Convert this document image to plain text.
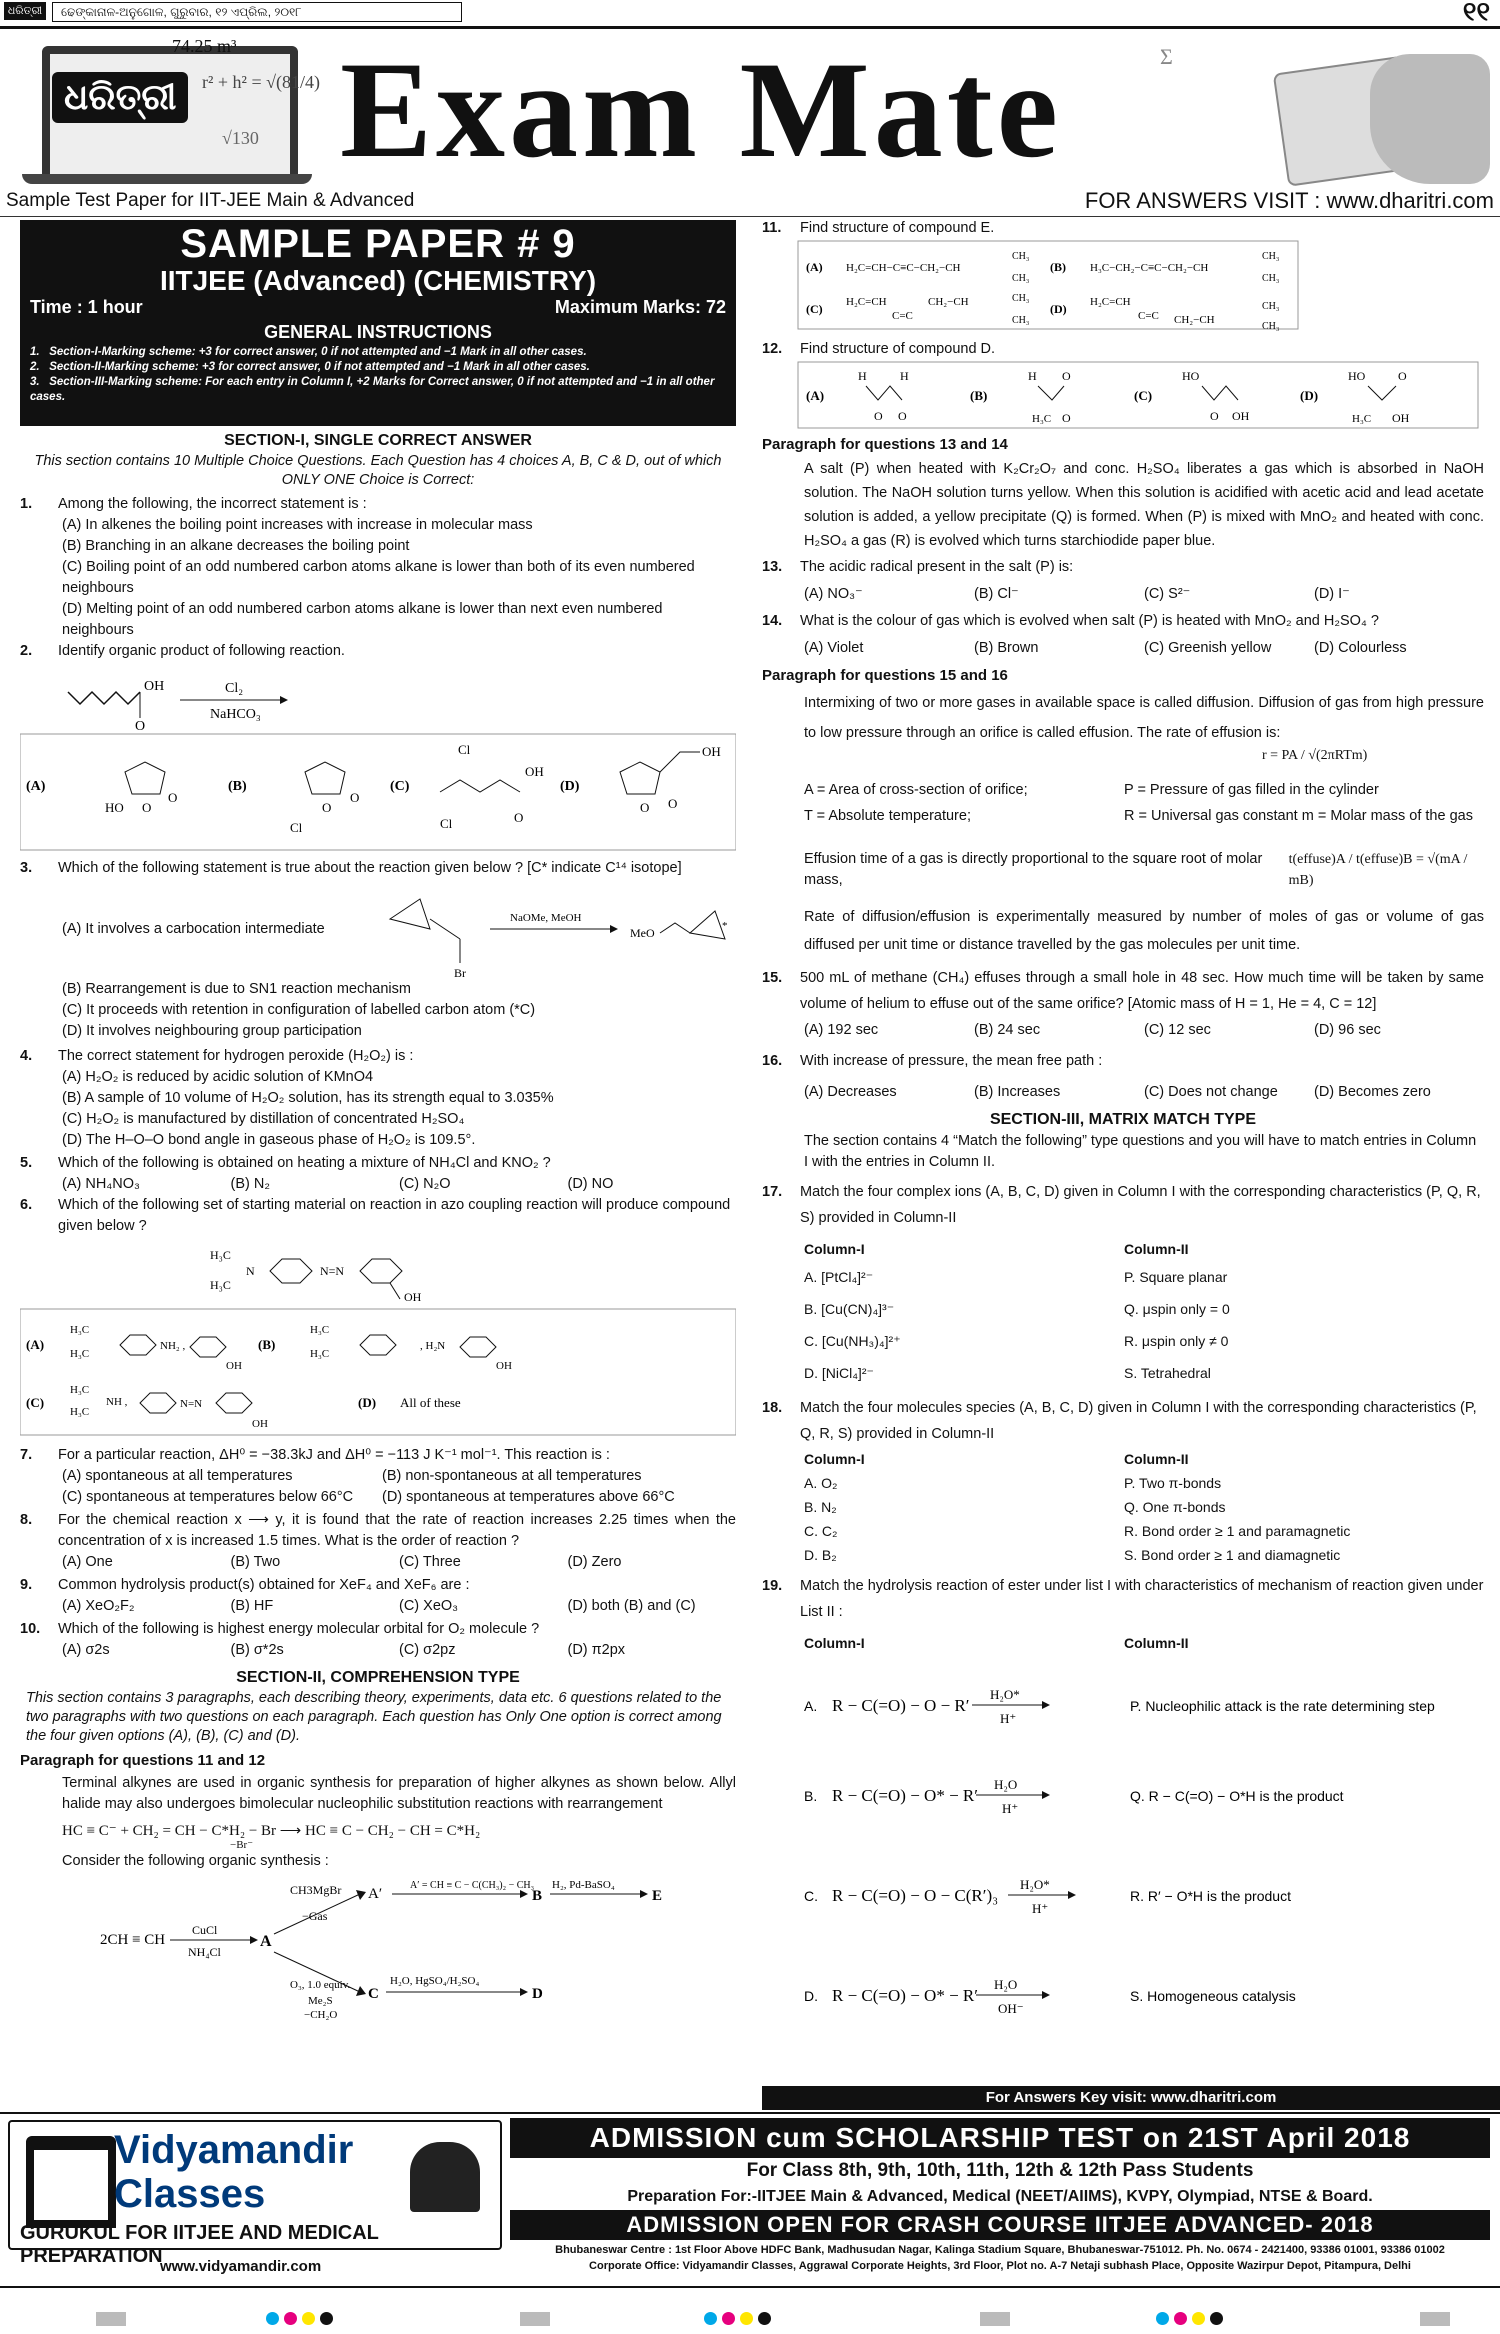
ଧରିତ୍ରୀ	ଢେଙ୍କାନାଳ-ଅନୁଗୋଳ, ଗୁରୁବାର, ୧୨ ଏପ୍ରିଲ, ୨୦୧୮	୧୧
ଧରିତ୍ରୀ
74.25 m³
r² + h² = √(81/4)
√130 Exam Mate	Σ
Sample Test Paper for IIT-JEE Main & Advanced	FOR ANSWERS VISIT : www.dharitri.com
SAMPLE PAPER # 9
IITJEE (Advanced) (CHEMISTRY)
Time : 1 hour	Maximum Marks: 72
GENERAL INSTRUCTIONS
1.   Section-I-Marking scheme: +3 for correct answer, 0 if not attempted and −1 Mark in all other cases.
2.   Section-II-Marking scheme: +3 for correct answer, 0 if not attempted and −1 Mark in all other cases.
3.   Section-III-Marking scheme: For each entry in Column I, +2 Marks for Correct answer, 0 if not attempted and −1 in all other cases.
SECTION-I, SINGLE CORRECT ANSWER
This section contains 10 Multiple Choice Questions. Each Question has 4 choices A, B, C & D, out of which ONLY ONE Choice is Correct:
1. Among the following, the incorrect statement is :
(A) In alkenes the boiling point increases with increase in molecular mass
(B) Branching in an alkane decreases the boiling point
(C) Boiling point of an odd numbered carbon atoms alkane is lower than both of its even numbered neighbours
(D) Melting point of an odd numbered carbon atoms alkane is lower than next even numbered neighbours
2. Identify organic product of following reaction.
OH
O
Cl₂
NaHCO₃
(A)
HO O
O
(B)
Cl
O
O
(C)
Cl
Cl
OH
O
(D)
OH
O O
3. Which of the following statement is true about the reaction given below ? [C* indicate C¹⁴ isotope]
(A) It involves a carbocation intermediate
Br
NaOMe, MeOH
MeO	*
(B) Rearrangement is due to SN1 reaction mechanism
(C) It proceeds with retention in configuration of labelled carbon atom (*C)
(D) It involves neighbouring group participation
4. The correct statement for hydrogen peroxide (H₂O₂) is :
(A) H₂O₂ is reduced by acidic solution of KMnO4
(B) A sample of 10 volume of H₂O₂ solution, has its strength equal to 3.035%
(C) H₂O₂ is manufactured by distillation of concentrated H₂SO₄
(D) The H–O–O bond angle in gaseous phase of H₂O₂ is 109.5°.
5. Which of the following is obtained on heating a mixture of NH₄Cl and KNO₂ ?
(A) NH₄NO₃	(B) N₂	(C) N₂O	(D) NO
6.	Which of the following set of starting material on reaction in azo coupling reaction will produce compound given below ?
H₃C
H₃C
N	N=N
OH
(A)
H₃C
H₃C
NH₂ ,
OH
(B)
H₃C
H₃C
, H₂N
OH
(C)
H₃C
H₃C
NH ,	N=N
OH
(D) All of these
7. For a particular reaction, ΔH⁰ = −38.3kJ and ΔH⁰ = −113 J K⁻¹ mol⁻¹. This reaction is :
(A) spontaneous at all temperatures	(B) non-spontaneous at all temperatures
(C) spontaneous at temperatures below 66°C	(D) spontaneous at temperatures above 66°C
8.	For the chemical reaction x ⟶ y, it is found that the rate of reaction increases 2.25 times when the concentration of x is increased 1.5 times. What is the order of reaction ?
(A) One	(B) Two	(C) Three	(D) Zero
9. Common hydrolysis product(s) obtained for XeF₄ and XeF₆ are :
(A) XeO₂F₂	(B) HF	(C) XeO₃	(D) both (B) and (C)
10. Which of the following is highest energy molecular orbital for O₂ molecule ?
(A) σ2s	(B) σ*2s	(C) σ2pz	(D) π2px
SECTION-II, COMPREHENSION TYPE
This section contains 3 paragraphs, each describing theory, experiments, data etc. 6 questions related to the two paragraphs with two questions on each paragraph. Each question has Only One option is correct among the four given options (A), (B), (C) and (D).
Paragraph for questions 11 and 12
Terminal alkynes are used in organic synthesis for preparation of higher alkynes as shown below. Allyl halide may also undergoes bimolecular nucleophilic substitution reactions with rearrangement
HC ≡ C⁻ + CH₂ = CH − C*H₂ − Br ⟶ HC ≡ C − CH₂ − CH = C*H₂
−Br⁻
Consider the following organic synthesis :
2CH ≡ CH
CuCl
NH₄Cl
A
CH3MgBr
−Gas
A′
A′ = CH ≡ C − C(CH₃)₂ − CH₃
B
H₂, Pd-BaSO₄
E
O₃, 1.0 equiv.
Me₂S
−CH₂O
C
H₂O, HgSO₄/H₂SO₄
D
11. Find structure of compound E.
(A) H₂C=CH−C≡C−CH₂−CH
CH₃
CH₃
(B) H₃C−CH₂−C≡C−CH₂−CH
CH₃
CH₃
(C) H₂C=CH
C=C
CH₂−CH	CH₃
CH₃
(D) H₂C=CH
C=C CH₂−CH
CH₃
CH₃
12. Find structure of compound D.
(A)
H	H
O O
(B)
H O
H₃C O
(C)
HO
O OH
(D)
HO	O
H₃C OH
Paragraph for questions 13 and 14
A salt (P) when heated with K₂Cr₂O₇ and conc. H₂SO₄ liberates a gas which is absorbed in NaOH solution. The NaOH solution turns yellow. When this solution is acidified with acetic acid and lead acetate solution is added, a yellow precipitate (Q) is formed. When (P) is mixed with MnO₂ and heated with conc. H₂SO₄ a gas (R) is evolved which turns starchiodide paper blue.
13. The acidic radical present in the salt (P) is:
(A) NO₃⁻	(B) Cl⁻	(C) S²⁻	(D) I⁻
14. What is the colour of gas which is evolved when salt (P) is heated with MnO₂ and H₂SO₄ ?
(A) Violet	(B) Brown	(C) Greenish yellow	(D) Colourless
Paragraph for questions 15 and 16
Intermixing of two or more gases in available space is called diffusion. Diffusion of gas from high pressure to low pressure through an orifice is called effusion. The rate of effusion is:
r = PA / √(2πRTm)
A = Area of cross-section of orifice;	P = Pressure of gas filled in the cylinder
T = Absolute temperature;	R = Universal gas constant m = Molar mass of the gas
Effusion time of a gas is directly proportional to the square root of molar mass,
t(effuse)A / t(effuse)B = √(mA / mB)
Rate of diffusion/effusion is experimentally measured by number of moles of gas or volume of gas diffused per unit time or distance travelled by the gas molecules per unit time.
15.	500 mL of methane (CH₄) effuses through a small hole in 48 sec. How much time will be taken by same volume of helium to effuse out of the same orifice? [Atomic mass of H = 1, He = 4, C = 12]
(A) 192 sec	(B) 24 sec	(C) 12 sec	(D) 96 sec
16. With increase of pressure, the mean free path :
(A) Decreases	(B) Increases	(C) Does not change	(D) Becomes zero
SECTION-III, MATRIX MATCH TYPE
The section contains 4 “Match the following” type questions and you will have to match entries in Column I with the entries in Column II.
17.	Match the four complex ions (A, B, C, D) given in Column I with the corresponding characteristics (P, Q, R, S) provided in Column-II
Column-I	Column-II
A. [PtCl₄]²⁻	P. Square planar
B. [Cu(CN)₄]³⁻	Q. μspin only = 0
C. [Cu(NH₃)₄]²⁺	R. μspin only ≠ 0
D. [NiCl₄]²⁻	S. Tetrahedral
18.	Match the four molecules species (A, B, C, D) given in Column I with the corresponding characteristics (P, Q, R, S) provided in Column-II
Column-I	Column-II
A. O₂	P. Two π-bonds
B. N₂	Q. One π-bonds
C. C₂	R. Bond order ≥ 1 and paramagnetic
D. B₂	S. Bond order ≥ 1 and diamagnetic
19.	Match the hydrolysis reaction of ester under list I with characteristics of mechanism of reaction given under List II :
Column-I	Column-II
A. R − C(=O) − O − R′
H₂O*
H⁺
P. Nucleophilic attack is the rate determining step
B. R − C(=O) − O* − R′
H₂O
H⁺
Q. R − C(=O) − O*H is the product
C. R − C(=O) − O − C(R′)₃
H₂O*
H⁺
R. R′ − O*H is the product
D. R − C(=O) − O* − R′
H₂O
OH⁻
S. Homogeneous catalysis
For Answers Key visit: www.dharitri.com
Vidyamandir
Classes
GURUKUL FOR IITJEE AND MEDICAL PREPARATION
www.vidyamandir.com
ADMISSION cum SCHOLARSHIP TEST on 21ST April 2018
For Class 8th, 9th, 10th, 11th, 12th & 12th Pass Students
Preparation For:-IITJEE Main & Advanced, Medical (NEET/AIIMS), KVPY, Olympiad, NTSE & Board.
ADMISSION OPEN FOR CRASH COURSE IITJEE ADVANCED- 2018
Bhubaneswar Centre : 1st Floor Above HDFC Bank, Madhusudan Nagar, Kalinga Stadium Square, Bhubaneswar-751012. Ph. No. 0674 - 2421400, 93386 01001, 93386 01002
Corporate Office: Vidyamandir Classes, Aggrawal Corporate Heights, 3rd Floor, Plot no. A-7 Netaji subhash Place, Opposite Wazirpur Depot, Pitampura, Delhi
